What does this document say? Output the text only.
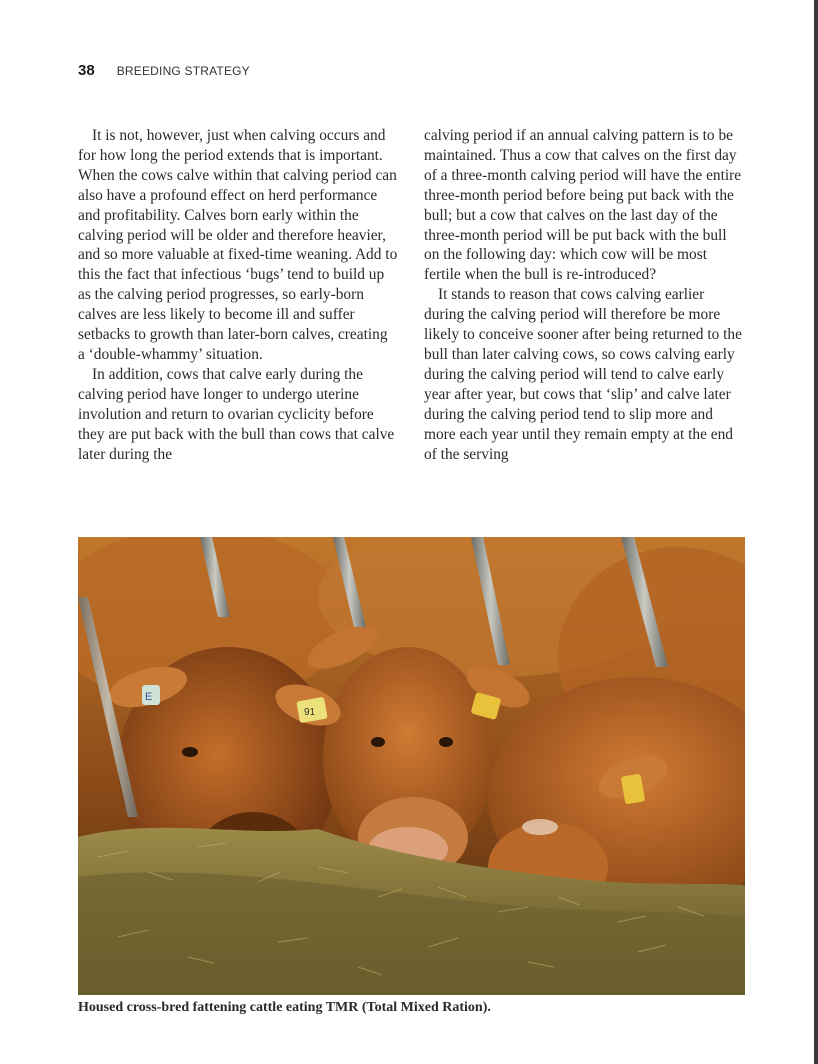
38 BREEDING STRATEGY

It is not, however, just when calving occurs and for how long the period extends that is important. When the cows calve within that calving period can also have a profound effect on herd performance and profitability. Calves born early within the calving period will be older and therefore heavier, and so more valuable at fixed-time weaning. Add to this the fact that infectious ‘bugs’ tend to build up as the calving period progresses, so early-born calves are less likely to become ill and suffer setbacks to growth than later-born calves, creating a ‘double-whammy’ situation.

In addition, cows that calve early during the calving period have longer to undergo uterine involution and return to ovarian cyclicity before they are put back with the bull than cows that calve later during the

calving period if an annual calving pattern is to be maintained. Thus a cow that calves on the first day of a three-month calving period will have the entire three-month period before being put back with the bull; but a cow that calves on the last day of the three-month period will be put back with the bull on the following day: which cow will be most fertile when the bull is re-introduced?

It stands to reason that cows calving earlier during the calving period will therefore be more likely to conceive sooner after being returned to the bull than later calving cows, so cows calving early during the calving period will tend to calve early year after year, but cows that ‘slip’ and calve later during the calving period tend to slip more and more each year until they remain empty at the end of the serving

91
E
Housed cross-bred fattening cattle eating TMR (Total Mixed Ration).
